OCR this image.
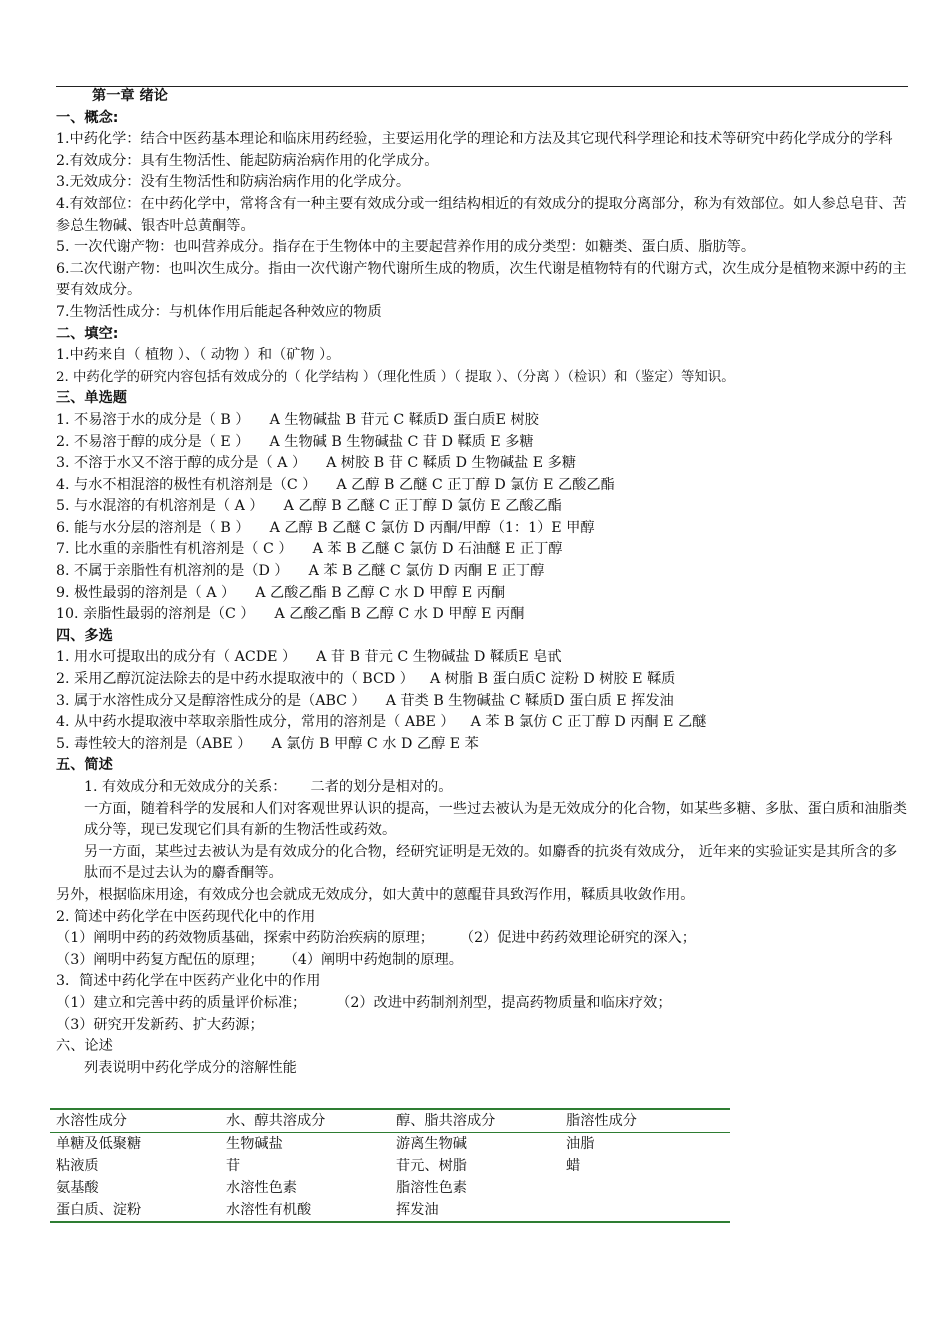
第一章 绪论
一、概念:
1.中药化学：结合中医药基本理论和临床用药经验，主要运用化学的理论和方法及其它现代科学理论和技术等研究中药化学成分的学科
2.有效成分：具有生物活性、能起防病治病作用的化学成分。
3.无效成分：没有生物活性和防病治病作用的化学成分。
4.有效部位：在中药化学中，常将含有一种主要有效成分或一组结构相近的有效成分的提取分离部分，称为有效部位。如人参总皂苷、苦参总生物碱、银杏叶总黄酮等。
5. 一次代谢产物：也叫营养成分。指存在于生物体中的主要起营养作用的成分类型：如糖类、蛋白质、脂肪等。
6.二次代谢产物：也叫次生成分。指由一次代谢产物代谢所生成的物质，次生代谢是植物特有的代谢方式，次生成分是植物来源中药的主要有效成分。
7.生物活性成分：与机体作用后能起各种效应的物质
二、填空:
1.中药来自（ 植物 ）、（ 动物 ）和（矿物 ）。
2. 中药化学的研究内容包括有效成分的（ 化学结构 ）（理化性质 ）（ 提取 ）、（分离 ）（检识）和（鉴定）等知识。
三、单选题
1. 不易溶于水的成分是（ B ） A 生物碱盐 B 苷元 C 鞣质D 蛋白质E 树胶
2. 不易溶于醇的成分是（ E ） A 生物碱 B 生物碱盐 C 苷 D 鞣质 E 多糖
3. 不溶于水又不溶于醇的成分是（ A ） A 树胶 B 苷 C 鞣质 D 生物碱盐 E 多糖
4. 与水不相混溶的极性有机溶剂是（C ） A 乙醇 B 乙醚 C 正丁醇 D 氯仿 E 乙酸乙酯
5. 与水混溶的有机溶剂是（ A ） A 乙醇 B 乙醚 C 正丁醇 D 氯仿 E 乙酸乙酯
6. 能与水分层的溶剂是（ B ） A 乙醇 B 乙醚 C 氯仿 D 丙酮/甲醇（1：1）E 甲醇
7. 比水重的亲脂性有机溶剂是（ C ） A 苯 B 乙醚 C 氯仿 D 石油醚 E 正丁醇
8. 不属于亲脂性有机溶剂的是（D ） A 苯 B 乙醚 C 氯仿 D 丙酮 E 正丁醇
9. 极性最弱的溶剂是（ A ） A 乙酸乙酯 B 乙醇 C 水 D 甲醇 E 丙酮
10. 亲脂性最弱的溶剂是（C ） A 乙酸乙酯 B 乙醇 C 水 D 甲醇 E 丙酮
四、多选
1. 用水可提取出的成分有（ ACDE ） A 苷 B 苷元 C 生物碱盐 D 鞣质E 皂甙
2. 采用乙醇沉淀法除去的是中药水提取液中的（ BCD ） A 树脂 B 蛋白质C 淀粉 D 树胶 E 鞣质
3. 属于水溶性成分又是醇溶性成分的是（ABC ） A 苷类 B 生物碱盐 C 鞣质D 蛋白质 E 挥发油
4. 从中药水提取液中萃取亲脂性成分，常用的溶剂是（ ABE ） A 苯 B 氯仿 C 正丁醇 D 丙酮 E 乙醚
5. 毒性较大的溶剂是（ABE ） A 氯仿 B 甲醇 C 水 D 乙醇 E 苯
五、简述
1. 有效成分和无效成分的关系： 二者的划分是相对的。
一方面，随着科学的发展和人们对客观世界认识的提高，一些过去被认为是无效成分的化合物，如某些多糖、多肽、蛋白质和油脂类成分等，现已发现它们具有新的生物活性或药效。
另一方面，某些过去被认为是有效成分的化合物，经研究证明是无效的。如麝香的抗炎有效成分， 近年来的实验证实是其所含的多肽而不是过去认为的麝香酮等。
另外，根据临床用途，有效成分也会就成无效成分，如大黄中的蒽醌苷具致泻作用，鞣质具收敛作用。
2. 简述中药化学在中医药现代化中的作用
（1）阐明中药的药效物质基础，探索中药防治疾病的原理； （2）促进中药药效理论研究的深入；
（3）阐明中药复方配伍的原理； （4）阐明中药炮制的原理。
3．简述中药化学在中医药产业化中的作用
（1）建立和完善中药的质量评价标准； （2）改进中药制剂剂型，提高药物质量和临床疗效；
（3）研究开发新药、扩大药源；
六、论述
列表说明中药化学成分的溶解性能
水溶性成分	水、醇共溶成分	醇、脂共溶成分	脂溶性成分
单糖及低聚糖	生物碱盐	游离生物碱	油脂
粘液质	苷	苷元、树脂	蜡
氨基酸	水溶性色素	脂溶性色素	
蛋白质、淀粉	水溶性有机酸	挥发油	
